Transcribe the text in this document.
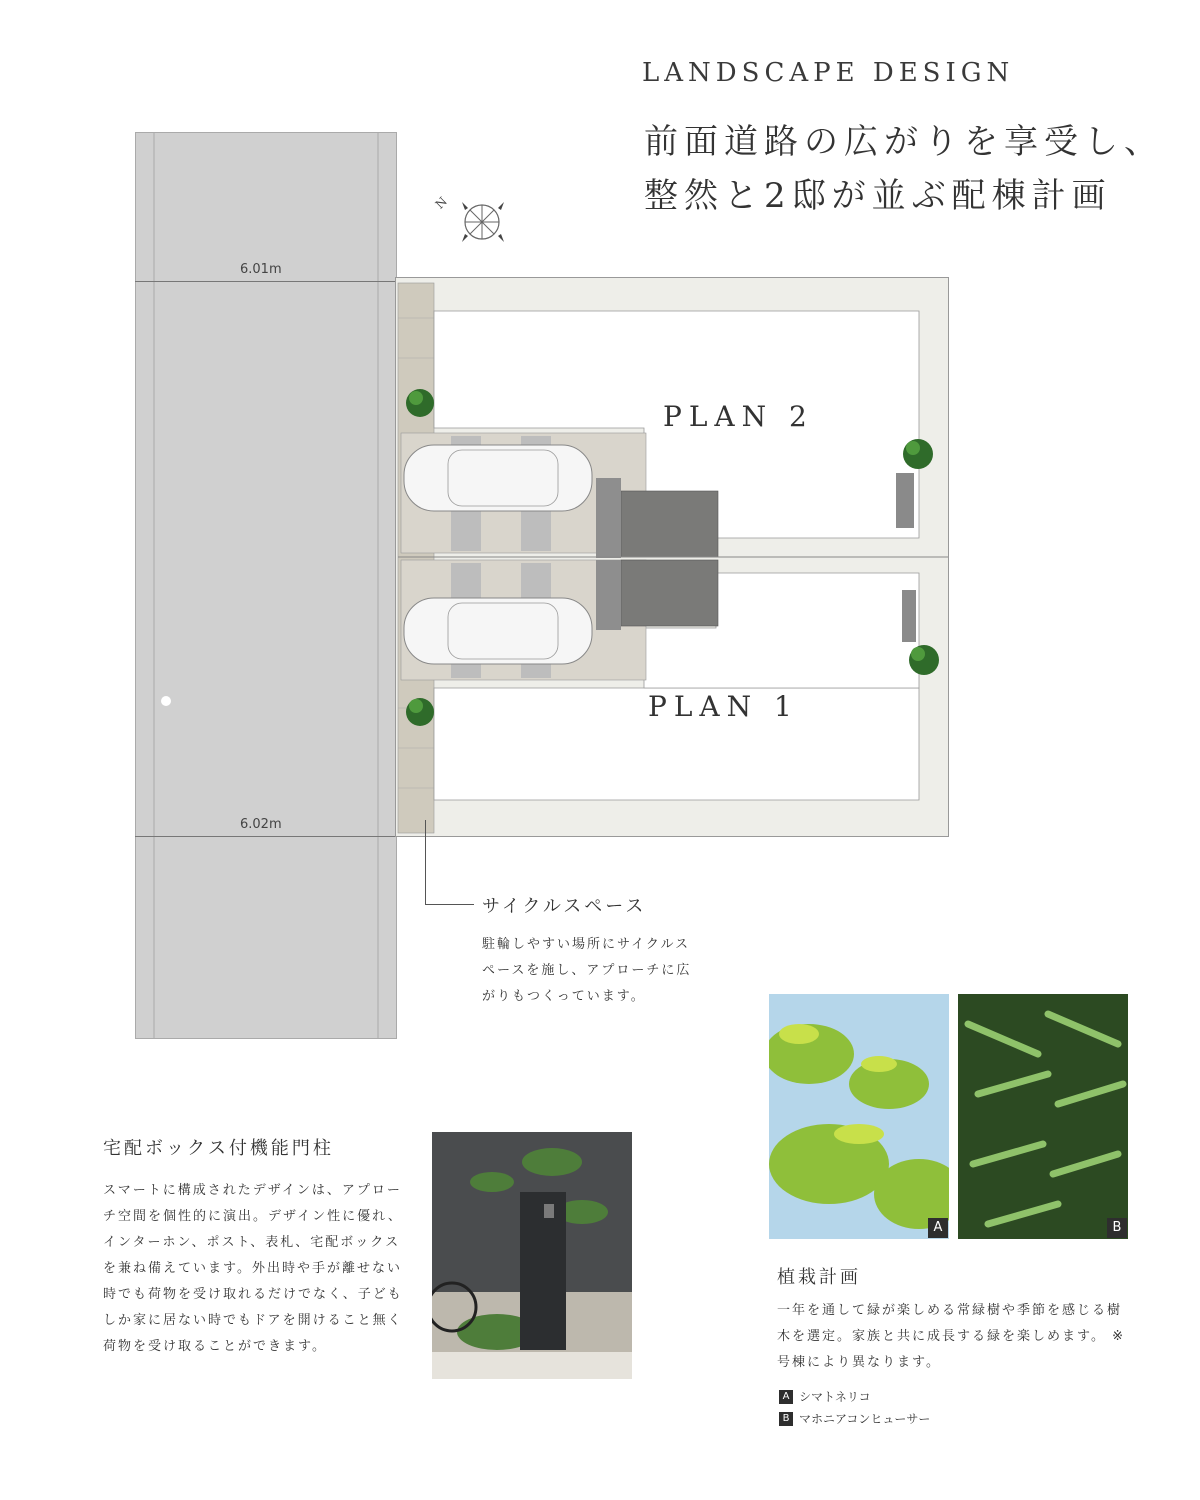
LANDSCAPE DESIGN
前面道路の広がりを享受し、
整然と2邸が並ぶ配棟計画
N
6.01m
6.02m
PLAN 2
PLAN 1
サイクルスペース
駐輪しやすい場所にサイクルスペースを施し、アプローチに広がりもつくっています。
宅配ボックス付機能門柱
スマートに構成されたデザインは、アプローチ空間を個性的に演出。デザイン性に優れ、インターホン、ポスト、表札、宅配ボックスを兼ね備えています。外出時や手が離せない時でも荷物を受け取れるだけでなく、子どもしか家に居ない時でもドアを開けること無く荷物を受け取ることができます。
A	B
植栽計画
一年を通して緑が楽しめる常緑樹や季節を感じる樹木を選定。家族と共に成長する緑を楽しめます。 ※号棟により異なります。
A シマトネリコ
B マホニアコンヒューサー
